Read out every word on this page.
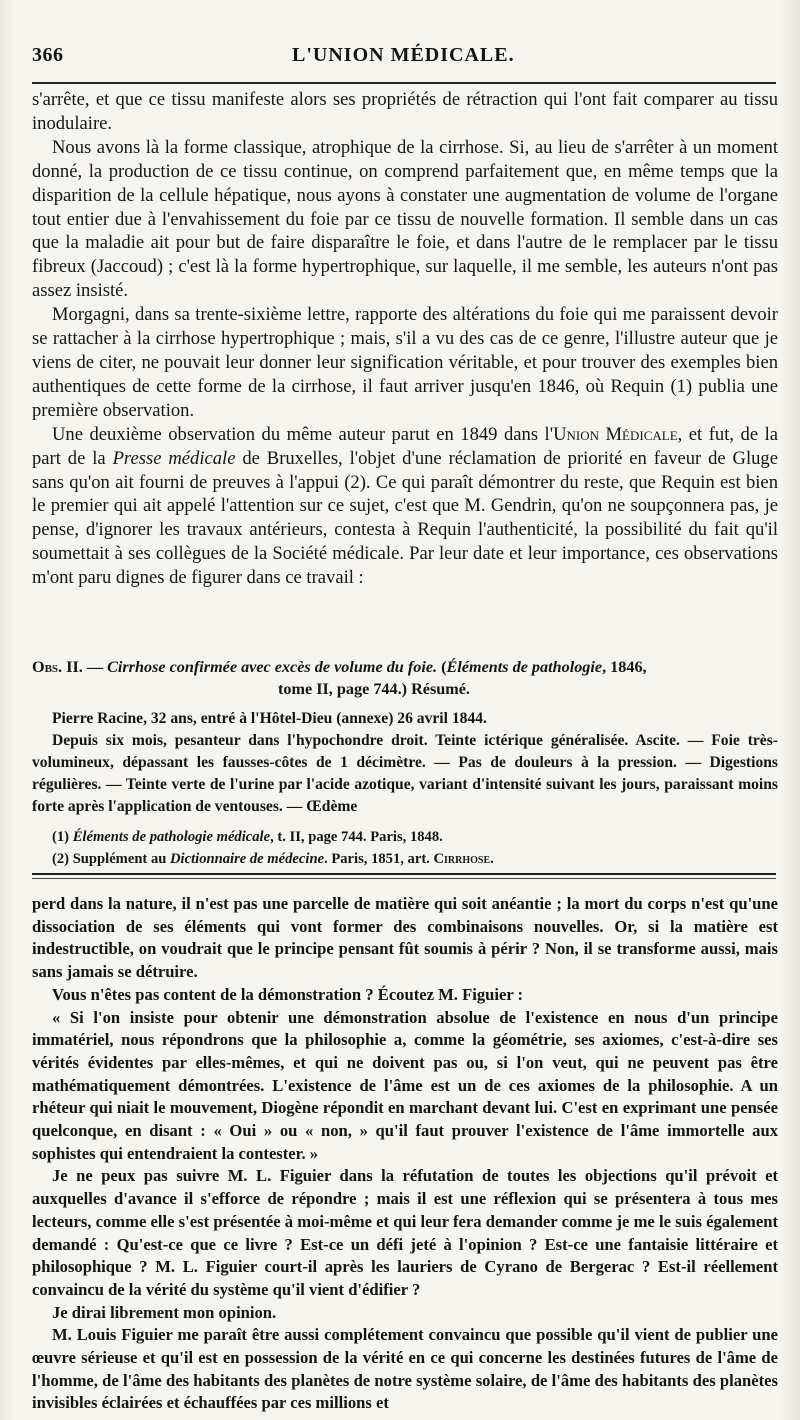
366	L'UNION MÉDICALE.

s'arrête, et que ce tissu manifeste alors ses propriétés de rétraction qui l'ont fait comparer au tissu inodulaire.

Nous avons là la forme classique, atrophique de la cirrhose. Si, au lieu de s'arrêter à un moment donné, la production de ce tissu continue, on comprend parfaitement que, en même temps que la disparition de la cellule hépatique, nous ayons à constater une augmentation de volume de l'organe tout entier due à l'envahissement du foie par ce tissu de nouvelle formation. Il semble dans un cas que la maladie ait pour but de faire disparaître le foie, et dans l'autre de le remplacer par le tissu fibreux (Jaccoud) ; c'est là la forme hypertrophique, sur laquelle, il me semble, les auteurs n'ont pas assez insisté.

Morgagni, dans sa trente-sixième lettre, rapporte des altérations du foie qui me paraissent devoir se rattacher à la cirrhose hypertrophique ; mais, s'il a vu des cas de ce genre, l'illustre auteur que je viens de citer, ne pouvait leur donner leur signification véritable, et pour trouver des exemples bien authentiques de cette forme de la cirrhose, il faut arriver jusqu'en 1846, où Requin (1) publia une première observation.

Une deuxième observation du même auteur parut en 1849 dans l'Union Médicale, et fut, de la part de la Presse médicale de Bruxelles, l'objet d'une réclamation de priorité en faveur de Gluge sans qu'on ait fourni de preuves à l'appui (2). Ce qui paraît démontrer du reste, que Requin est bien le premier qui ait appelé l'attention sur ce sujet, c'est que M. Gendrin, qu'on ne soupçonnera pas, je pense, d'ignorer les travaux antérieurs, contesta à Requin l'authenticité, la possibilité du fait qu'il soumettait à ses collègues de la Société médicale. Par leur date et leur importance, ces observations m'ont paru dignes de figurer dans ce travail :

Obs. II. — Cirrhose confirmée avec excès de volume du foie. (Éléments de pathologie, 1846,
tome II, page 744.) Résumé.

Pierre Racine, 32 ans, entré à l'Hôtel-Dieu (annexe) 26 avril 1844.

Depuis six mois, pesanteur dans l'hypochondre droit. Teinte ictérique généralisée. Ascite. — Foie très-volumineux, dépassant les fausses-côtes de 1 décimètre. — Pas de douleurs à la pression. — Digestions régulières. — Teinte verte de l'urine par l'acide azotique, variant d'intensité suivant les jours, paraissant moins forte après l'application de ventouses. — Œdème

(1) Éléments de pathologie médicale, t. II, page 744. Paris, 1848.
(2) Supplément au Dictionnaire de médecine. Paris, 1851, art. Cirrhose.

perd dans la nature, il n'est pas une parcelle de matière qui soit anéantie ; la mort du corps n'est qu'une dissociation de ses éléments qui vont former des combinaisons nouvelles. Or, si la matière est indestructible, on voudrait que le principe pensant fût soumis à périr ? Non, il se transforme aussi, mais sans jamais se détruire.

Vous n'êtes pas content de la démonstration ? Écoutez M. Figuier :

« Si l'on insiste pour obtenir une démonstration absolue de l'existence en nous d'un principe immatériel, nous répondrons que la philosophie a, comme la géométrie, ses axiomes, c'est-à-dire ses vérités évidentes par elles-mêmes, et qui ne doivent pas ou, si l'on veut, qui ne peuvent pas être mathématiquement démontrées. L'existence de l'âme est un de ces axiomes de la philosophie. A un rhéteur qui niait le mouvement, Diogène répondit en marchant devant lui. C'est en exprimant une pensée quelconque, en disant : « Oui » ou « non, » qu'il faut prouver l'existence de l'âme immortelle aux sophistes qui entendraient la contester. »

Je ne peux pas suivre M. L. Figuier dans la réfutation de toutes les objections qu'il prévoit et auxquelles d'avance il s'efforce de répondre ; mais il est une réflexion qui se présentera à tous mes lecteurs, comme elle s'est présentée à moi-même et qui leur fera demander comme je me le suis également demandé : Qu'est-ce que ce livre ? Est-ce un défi jeté à l'opinion ? Est-ce une fantaisie littéraire et philosophique ? M. L. Figuier court-il après les lauriers de Cyrano de Bergerac ? Est-il réellement convaincu de la vérité du système qu'il vient d'édifier ?

Je dirai librement mon opinion.

M. Louis Figuier me paraît être aussi complétement convaincu que possible qu'il vient de publier une œuvre sérieuse et qu'il est en possession de la vérité en ce qui concerne les destinées futures de l'âme de l'homme, de l'âme des habitants des planètes de notre système solaire, de l'âme des habitants des planètes invisibles éclairées et échauffées par ces millions et
